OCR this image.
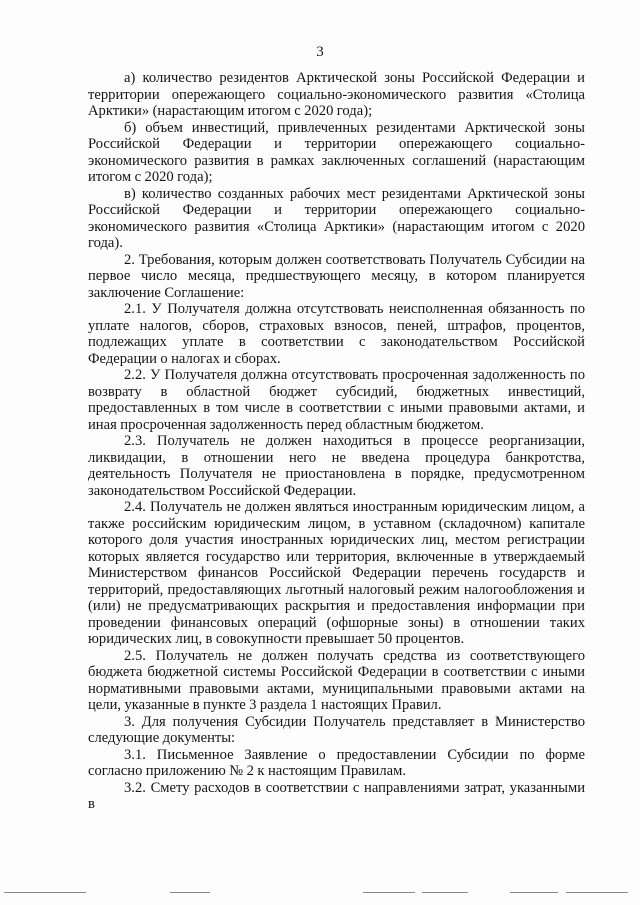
3

а) количество резидентов Арктической зоны Российской Федерации и территории опережающего социально-экономического развития «Столица Арктики» (нарастающим итогом с 2020 года);

б) объем инвестиций, привлеченных резидентами Арктической зоны Российской Федерации и территории опережающего социально-экономического развития в рамках заключенных соглашений (нарастающим итогом с 2020 года);

в) количество созданных рабочих мест резидентами Арктической зоны Российской Федерации и территории опережающего социально-экономического развития «Столица Арктики» (нарастающим итогом с 2020 года).

2. Требования, которым должен соответствовать Получатель Субсидии на первое число месяца, предшествующего месяцу, в котором планируется заключение Соглашение:

2.1. У Получателя должна отсутствовать неисполненная обязанность по уплате налогов, сборов, страховых взносов, пеней, штрафов, процентов, подлежащих уплате в соответствии с законодательством Российской Федерации о налогах и сборах.

2.2. У Получателя должна отсутствовать просроченная задолженность по возврату в областной бюджет субсидий, бюджетных инвестиций, предоставленных в том числе в соответствии с иными правовыми актами, и иная просроченная задолженность перед областным бюджетом.

2.3. Получатель не должен находиться в процессе реорганизации, ликвидации, в отношении него не введена процедура банкротства, деятельность Получателя не приостановлена в порядке, предусмотренном законодательством Российской Федерации.

2.4. Получатель не должен являться иностранным юридическим лицом, а также российским юридическим лицом, в уставном (складочном) капитале которого доля участия иностранных юридических лиц, местом регистрации которых является государство или территория, включенные в утверждаемый Министерством финансов Российской Федерации перечень государств и территорий, предоставляющих льготный налоговый режим налогообложения и (или) не предусматривающих раскрытия и предоставления информации при проведении финансовых операций (офшорные зоны) в отношении таких юридических лиц, в совокупности превышает 50 процентов.

2.5. Получатель не должен получать средства из соответствующего бюджета бюджетной системы Российской Федерации в соответствии с иными нормативными правовыми актами, муниципальными правовыми актами на цели, указанные в пункте 3 раздела 1 настоящих Правил.

3. Для получения Субсидии Получатель представляет в Министерство следующие документы:

3.1. Письменное Заявление о предоставлении Субсидии по форме согласно приложению № 2 к настоящим Правилам.

3.2. Смету расходов в соответствии с направлениями затрат, указанными в
